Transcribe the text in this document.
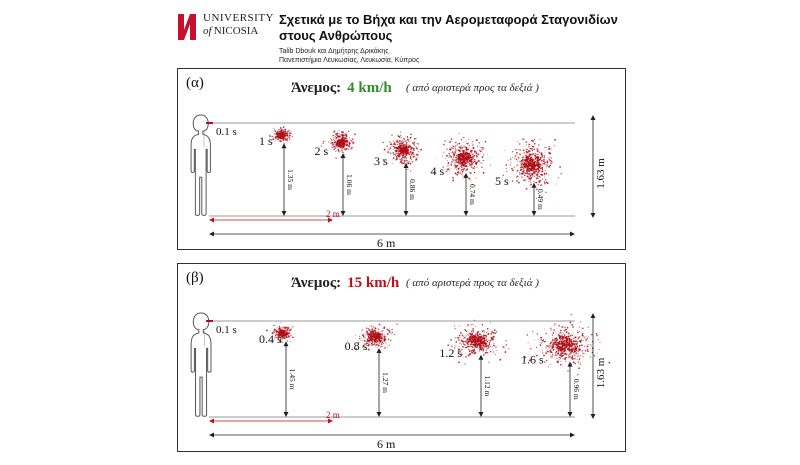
UNIVERSITY
of  NICOSIA
Σχετικά με το Βήχα και την Αερομεταφορά Σταγονιδίων
στους Ανθρώπους
Talib Dbouk και Δημήτρης Δρικάκης
Πανεπιστήμιο Λευκωσίας, Λευκωσία, Κύπρος
(α)	Άνεμος: 4 km/h ( από αριστερά προς τα δεξιά )
0.1 s
1.35 m
1 s
1.06 m
2 s
0.86 m
3 s
0.74 m
4 s
0.49 m
5 s
2 m
6 m
1.63 m
(β)	Άνεμος: 15 km/h ( από αριστερά προς τα δεξιά )
0.1 s
1.45 m
0.4 s
1.27 m
0.8 s
1.12 m
1.2 s
0.96 m
1.6 s
2 m
6 m
1.63 m
